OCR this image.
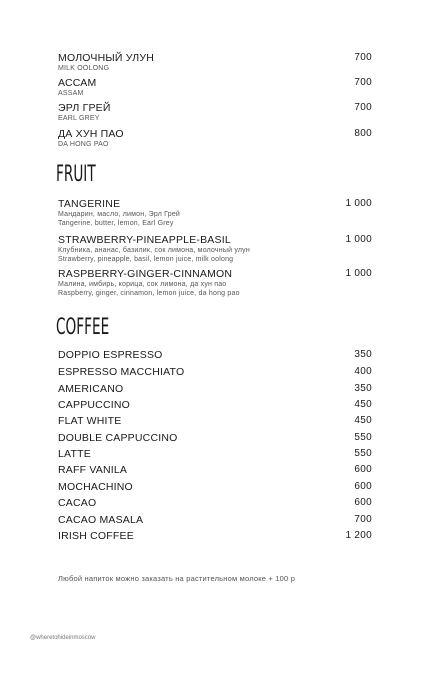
МОЛОЧНЫЙ УЛУН
MILK OOLONG
700
АССАМ
ASSAM
700
ЭРЛ ГРЕЙ
EARL GREY
700
ДА ХУН ПАО
DA HONG PAO
800
FRUIT
TANGERINE
Мандарин, масло, лимон, Эрл Грей
Tangerine, butter, lemon, Earl Grey
1 000
STRAWBERRY-PINEAPPLE-BASIL
Клубника, ананас, базилик, сок лимона, молочный улун
Strawberry, pineapple, basil, lemon juice, milk oolong
1 000
RASPBERRY-GINGER-CINNAMON
Малина, имбирь, корица, сок лимона, да хун пао
Raspberry, ginger, cinnamon, lemon juice, da hong pao
1 000
COFFEE
DOPPIO ESPRESSO	350
ESPRESSO MACCHIATO	400
AMERICANO	350
CAPPUCCINO	450
FLAT WHITE	450
DOUBLE CAPPUCCINO	550
LATTE	550
RAFF VANILA	600
MOCHACHINO	600
CACAO	600
CACAO MASALA	700
IRISH COFFEE	1 200
Любой напиток можно заказать на растительном молоке + 100 р
@wheretohideinmoscow
